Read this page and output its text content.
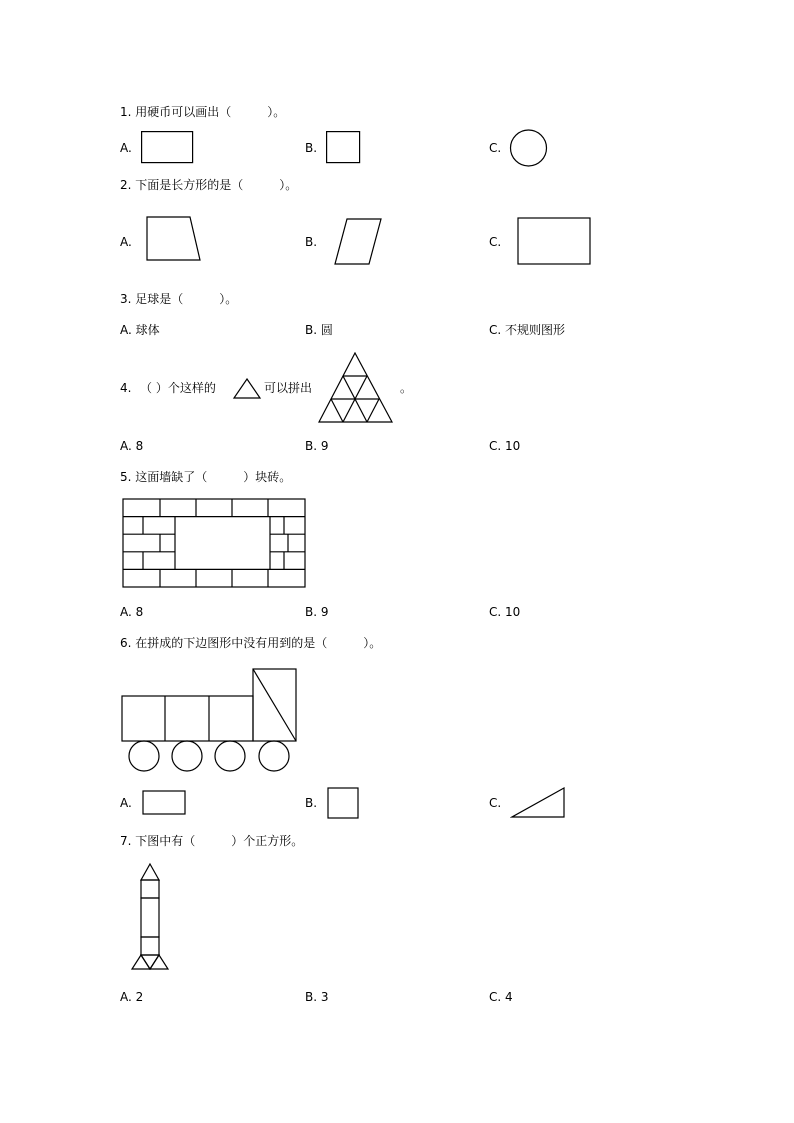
1. 用硬币可以画出（　　　）。
A.	B.	C.
2. 下面是长方形的是（　　　）。
A.	B.	C.
3. 足球是（　　　）。
A. 球体	B. 圆	C. 不规则图形
4. （ ）个这样的	可以拼出	。
A. 8	B. 9	C. 10
5. 这面墙缺了（　　　）块砖。
A. 8	B. 9	C. 10
6. 在拼成的下边图形中没有用到的是（　　　）。
A.	B.	C.
7. 下图中有（　　　）个正方形。
A. 2	B. 3	C. 4
